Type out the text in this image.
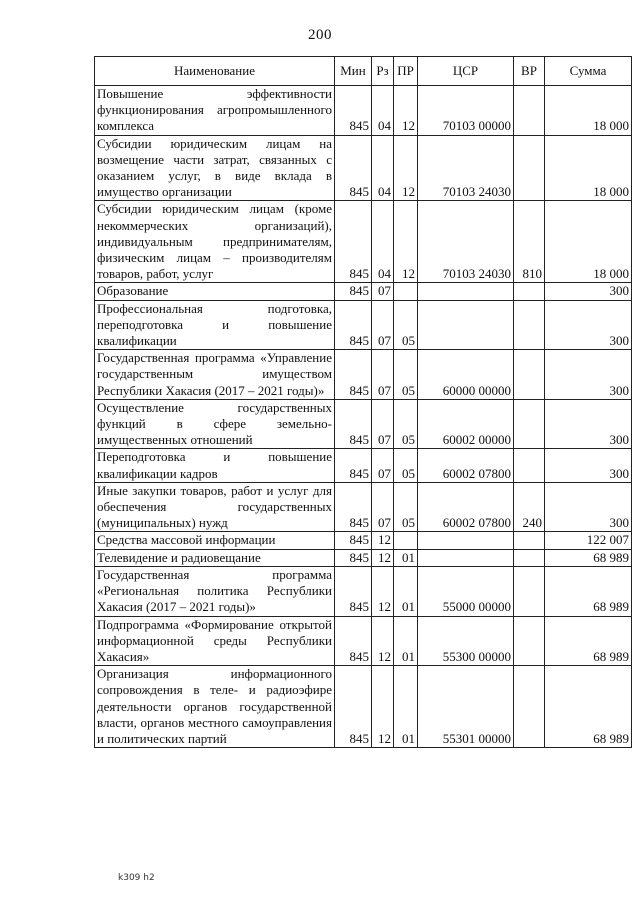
200
Наименование	Мин	Рз	ПР	ЦСР	ВР	Сумма
Повышение эффективности функционирования агропромышленного комплекса	845	04	12	70103 00000		18 000
Субсидии юридическим лицам на возмещение части затрат, связанных с оказанием услуг, в виде вклада в имущество организации	845	04	12	70103 24030		18 000
Субсидии юридическим лицам (кроме некоммерческих организаций), индивидуальным предпринимателям, физическим лицам – производителям товаров, работ, услуг	845	04	12	70103 24030	810	18 000
Образование	845	07				300
Профессиональная подготовка, переподготовка и повышение квалификации	845	07	05			300
Государственная программа «Управление государственным имуществом Республики Хакасия (2017 – 2021 годы)»	845	07	05	60000 00000		300
Осуществление государственных функций в сфере земельно-имущественных отношений	845	07	05	60002 00000		300
Переподготовка и повышение квалификации кадров	845	07	05	60002 07800		300
Иные закупки товаров, работ и услуг для обеспечения государственных (муниципальных) нужд	845	07	05	60002 07800	240	300
Средства массовой информации	845	12				122 007
Телевидение и радиовещание	845	12	01			68 989
Государственная программа «Региональная политика Республики Хакасия (2017 – 2021 годы)»	845	12	01	55000 00000		68 989
Подпрограмма «Формирование открытой информационной среды Республики Хакасия»	845	12	01	55300 00000		68 989
Организация информационного сопровождения в теле- и радиоэфире деятельности органов государственной власти, органов местного самоуправления и политических партий	845	12	01	55301 00000		68 989
k309 h2
